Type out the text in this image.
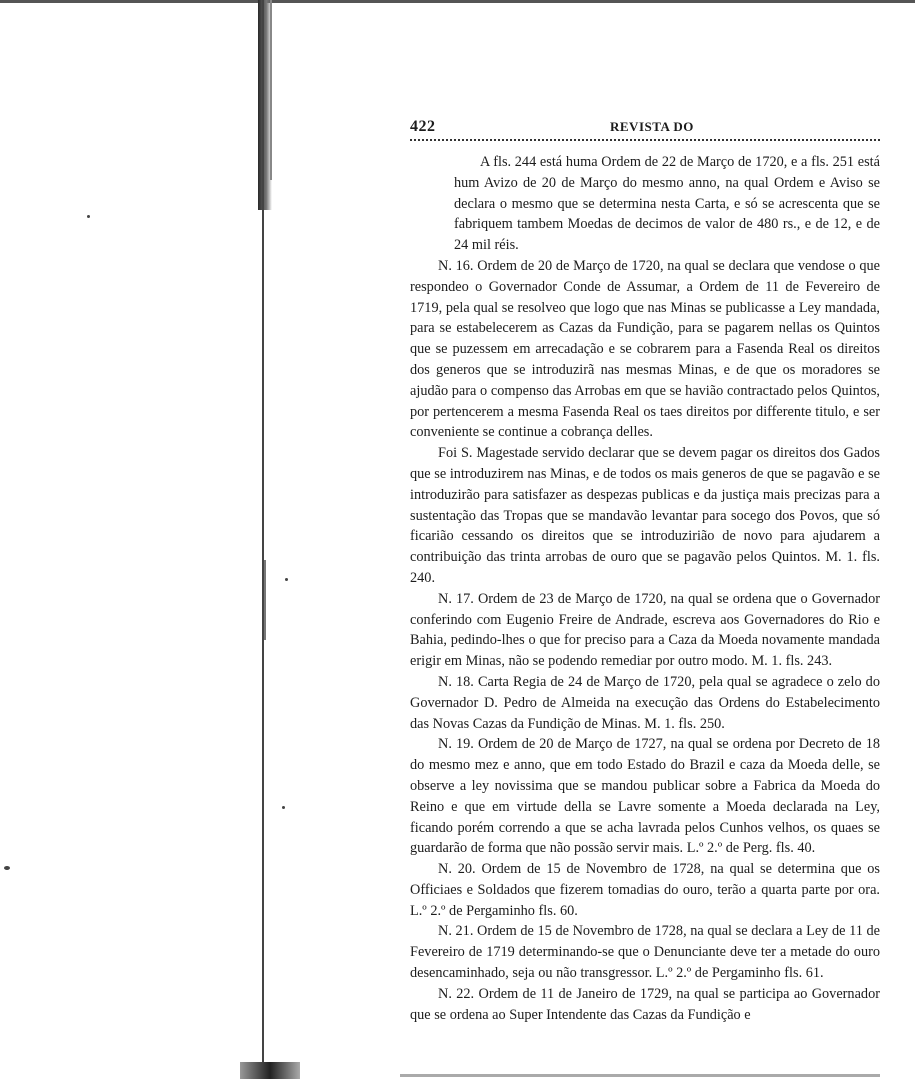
422	REVISTA DO

A fls. 244 está huma Ordem de 22 de Março de 1720, e a fls. 251 está hum Avizo de 20 de Março do mesmo anno, na qual Ordem e Aviso se declara o mesmo que se determina nesta Carta, e só se acrescenta que se fabriquem tambem Moedas de decimos de valor de 480 rs., e de 12, e de 24 mil réis.

N. 16. Ordem de 20 de Março de 1720, na qual se declara que vendose o que respondeo o Governador Conde de Assumar, a Ordem de 11 de Fevereiro de 1719, pela qual se resolveo que logo que nas Minas se publicasse a Ley mandada, para se estabelecerem as Cazas da Fundição, para se pagarem nellas os Quintos que se puzessem em arrecadação e se cobrarem para a Fasenda Real os direitos dos generos que se introduzirã nas mesmas Minas, e de que os moradores se ajudão para o compenso das Arrobas em que se havião contractado pelos Quintos, por pertencerem a mesma Fasenda Real os taes direitos por differente titulo, e ser conveniente se continue a cobrança delles.

Foi S. Magestade servido declarar que se devem pagar os direitos dos Gados que se introduzirem nas Minas, e de todos os mais generos de que se pagavão e se introduzirão para satisfazer as despezas publicas e da justiça mais precizas para a sustentação das Tropas que se mandavão levantar para socego dos Povos, que só ficarião cessando os direitos que se introduzirião de novo para ajudarem a contribuição das trinta arrobas de ouro que se pagavão pelos Quintos. M. 1. fls. 240.

N. 17. Ordem de 23 de Março de 1720, na qual se ordena que o Governador conferindo com Eugenio Freire de Andrade, escreva aos Governadores do Rio e Bahia, pedindo-lhes o que for preciso para a Caza da Moeda novamente mandada erigir em Minas, não se podendo remediar por outro modo. M. 1. fls. 243.

N. 18. Carta Regia de 24 de Março de 1720, pela qual se agradece o zelo do Governador D. Pedro de Almeida na execução das Ordens do Estabelecimento das Novas Cazas da Fundição de Minas. M. 1. fls. 250.

N. 19. Ordem de 20 de Março de 1727, na qual se ordena por Decreto de 18 do mesmo mez e anno, que em todo Estado do Brazil e caza da Moeda delle, se observe a ley novissima que se mandou publicar sobre a Fabrica da Moeda do Reino e que em virtude della se Lavre somente a Moeda declarada na Ley, ficando porém correndo a que se acha lavrada pelos Cunhos velhos, os quaes se guardarão de forma que não possão servir mais. L.º 2.º de Perg. fls. 40.

N. 20. Ordem de 15 de Novembro de 1728, na qual se determina que os Officiaes e Soldados que fizerem tomadias do ouro, terão a quarta parte por ora. L.º 2.º de Pergaminho fls. 60.

N. 21. Ordem de 15 de Novembro de 1728, na qual se declara a Ley de 11 de Fevereiro de 1719 determinando-se que o Denunciante deve ter a metade do ouro desencaminhado, seja ou não transgressor. L.º 2.º de Pergaminho fls. 61.

N. 22. Ordem de 11 de Janeiro de 1729, na qual se participa ao Governador que se ordena ao Super Intendente das Cazas da Fundição e
